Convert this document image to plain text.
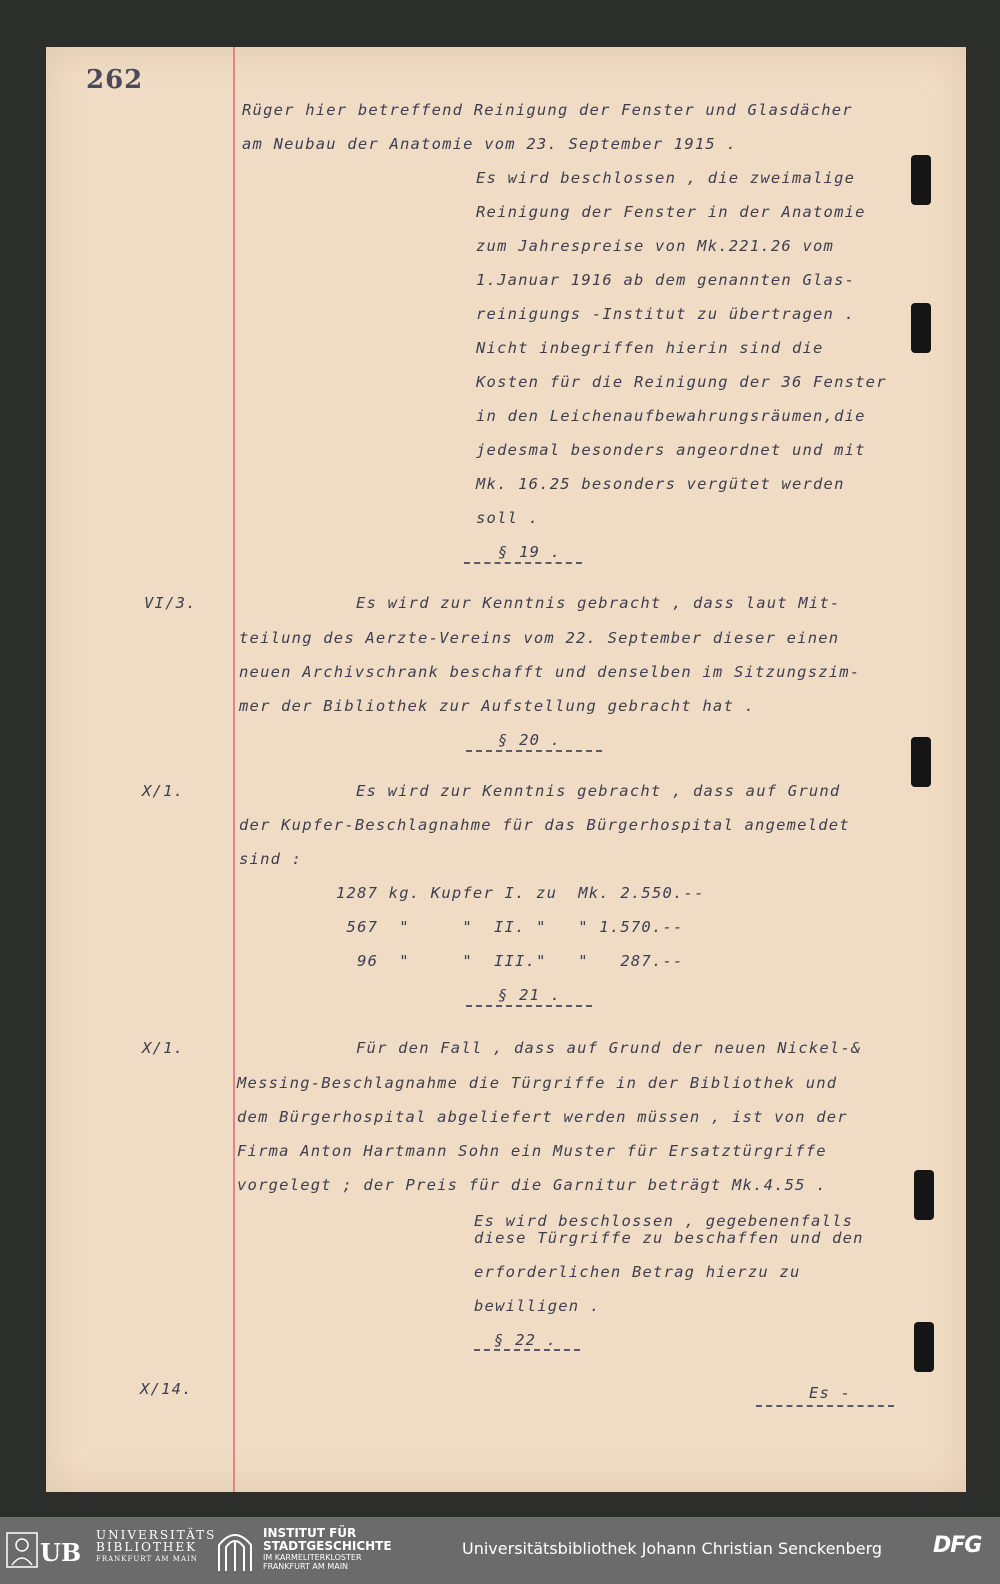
262
Rüger hier betreffend Reinigung der Fenster und Glasdächer
am Neubau der Anatomie vom 23. September 1915 .
Es wird beschlossen , die zweimalige
Reinigung der Fenster in der Anatomie
zum Jahrespreise von Mk.221.26 vom
1.Januar 1916 ab dem genannten Glas-
reinigungs -Institut zu übertragen .
Nicht inbegriffen hierin sind die
Kosten für die Reinigung der 36 Fenster
in den Leichenaufbewahrungsräumen,die
jedesmal besonders angeordnet und mit
Mk. 16.25 besonders vergütet werden
soll .
§ 19 .
Es wird zur Kenntnis gebracht , dass laut Mit-
teilung des Aerzte-Vereins vom 22. September dieser einen
neuen Archivschrank beschafft und denselben im Sitzungszim-
mer der Bibliothek zur Aufstellung gebracht hat .
§ 20 .
Es wird zur Kenntnis gebracht , dass auf Grund
der Kupfer-Beschlagnahme für das Bürgerhospital angemeldet
sind :
1287 kg. Kupfer I. zu  Mk. 2.550.--
567  "     "  II. "   " 1.570.--
96  "     "  III."   "   287.--
§ 21 .
Für den Fall , dass auf Grund der neuen Nickel-&
Messing-Beschlagnahme die Türgriffe in der Bibliothek und
dem Bürgerhospital abgeliefert werden müssen , ist von der
Firma Anton Hartmann Sohn ein Muster für Ersatztürgriffe
vorgelegt ; der Preis für die Garnitur beträgt Mk.4.55 .
Es wird beschlossen , gegebenenfalls
diese Türgriffe zu beschaffen und den
erforderlichen Betrag hierzu zu
bewilligen .
§ 22 .
Es -
VI/3.
X/1.
X/1.
X/14.
UB
UNIVERSITÄTS
BIBLIOTHEK
FRANKFURT AM MAIN
INSTITUT FÜR
STADTGESCHICHTE
IM KARMELITERKLOSTER
FRANKFURT AM MAIN
Universitätsbibliothek Johann Christian Senckenberg DFG
